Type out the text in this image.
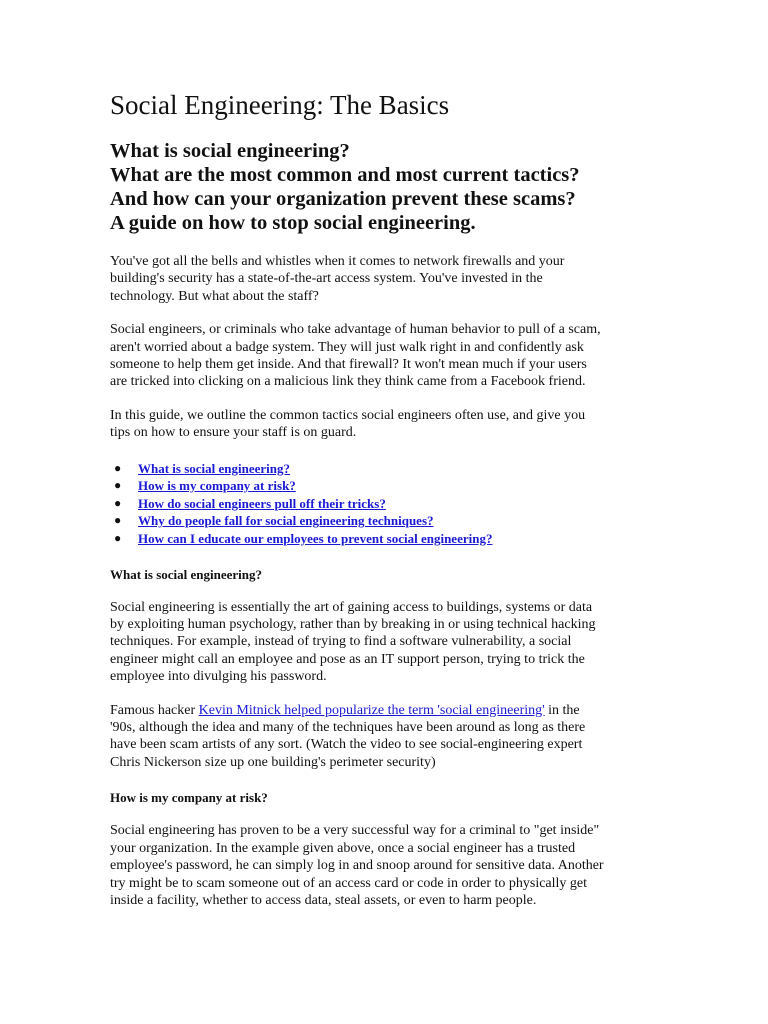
Social Engineering: The Basics
What is social engineering?
What are the most common and most current tactics?
And how can your organization prevent these scams?
A guide on how to stop social engineering.

You've got all the bells and whistles when it comes to network firewalls and your
building's security has a state-of-the-art access system. You've invested in the
technology. But what about the staff?

Social engineers, or criminals who take advantage of human behavior to pull of a scam,
aren't worried about a badge system. They will just walk right in and confidently ask
someone to help them get inside. And that firewall? It won't mean much if your users
are tricked into clicking on a malicious link they think came from a Facebook friend.

In this guide, we outline the common tactics social engineers often use, and give you
tips on how to ensure your staff is on guard.

● What is social engineering?
● How is my company at risk?
● How do social engineers pull off their tricks?
● Why do people fall for social engineering techniques?
● How can I educate our employees to prevent social engineering?
What is social engineering?

Social engineering is essentially the art of gaining access to buildings, systems or data
by exploiting human psychology, rather than by breaking in or using technical hacking
techniques. For example, instead of trying to find a software vulnerability, a social
engineer might call an employee and pose as an IT support person, trying to trick the
employee into divulging his password.

Famous hacker Kevin Mitnick helped popularize the term 'social engineering' in the
'90s, although the idea and many of the techniques have been around as long as there
have been scam artists of any sort. (Watch the video to see social-engineering expert
Chris Nickerson size up one building's perimeter security)

How is my company at risk?

Social engineering has proven to be a very successful way for a criminal to "get inside"
your organization. In the example given above, once a social engineer has a trusted
employee's password, he can simply log in and snoop around for sensitive data. Another
try might be to scam someone out of an access card or code in order to physically get
inside a facility, whether to access data, steal assets, or even to harm people.
